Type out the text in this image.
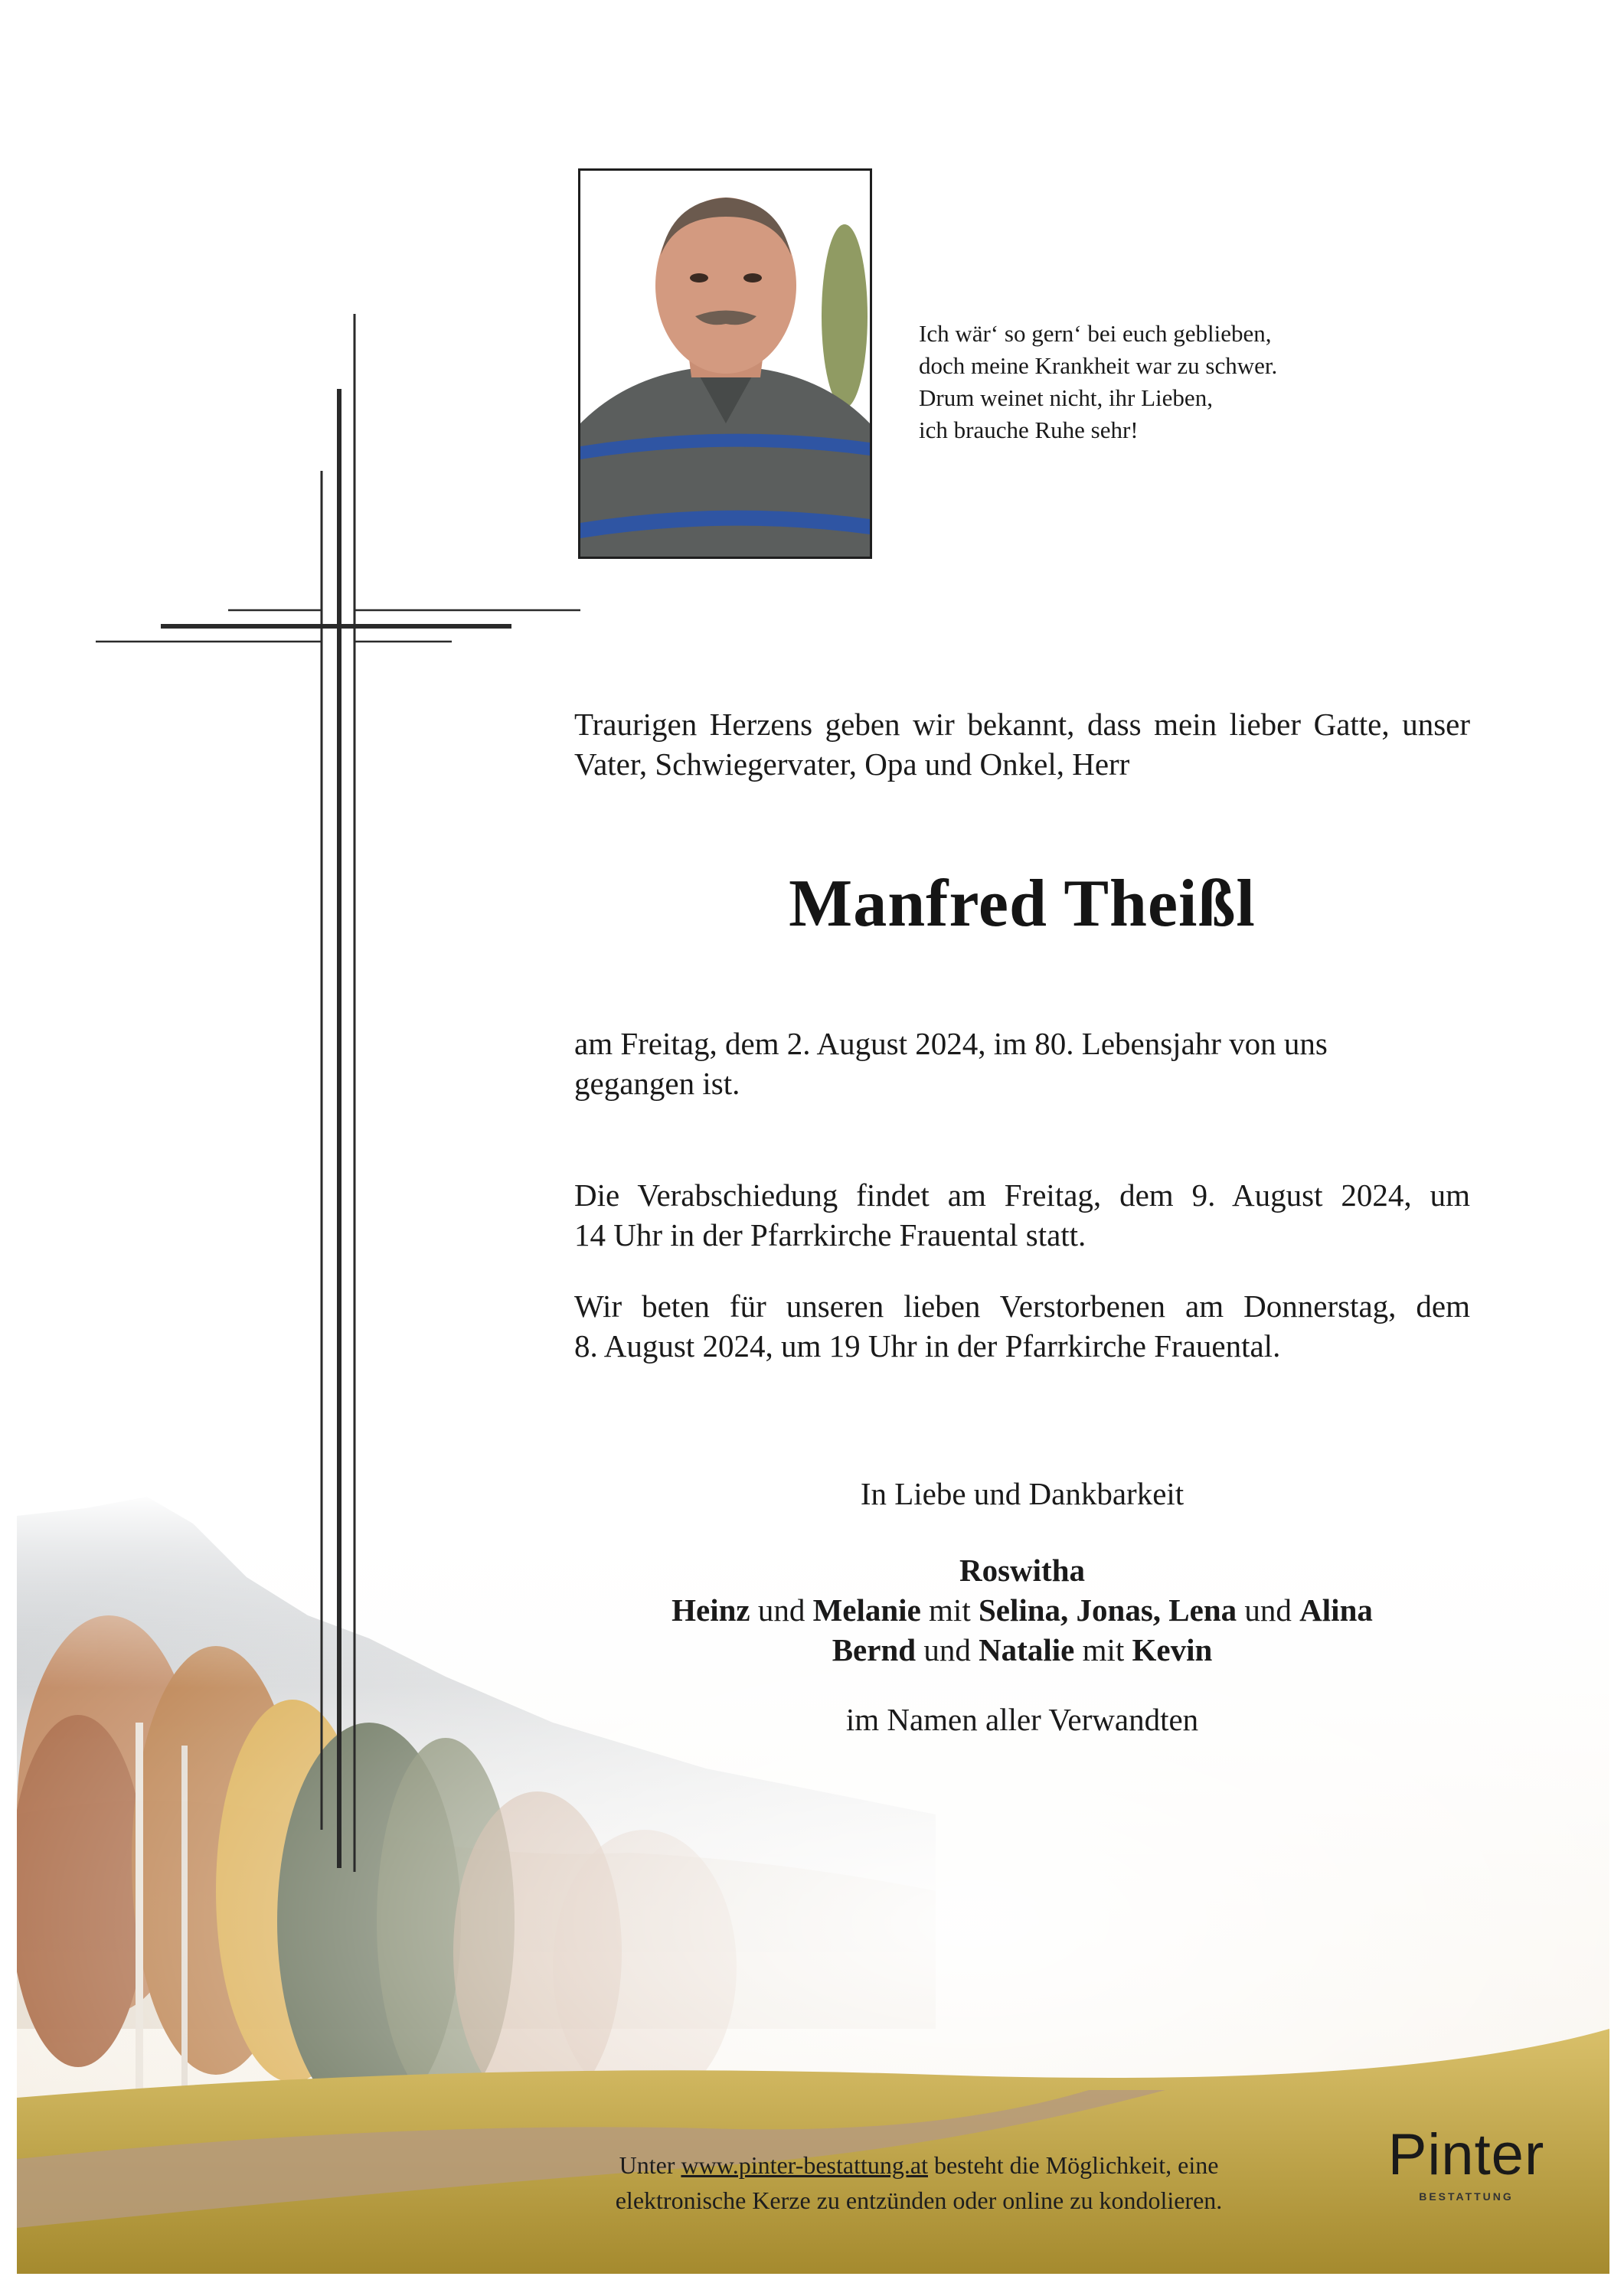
Ich wär‘ so gern‘ bei euch geblieben,
doch meine Krankheit war zu schwer.
Drum weinet nicht, ihr Lieben,
ich brauche Ruhe sehr!
Traurigen Herzens geben wir bekannt, dass mein lieber Gatte, unser
Vater, Schwiegervater, Opa und Onkel, Herr
Manfred Theißl
am Freitag, dem 2. August 2024, im 80. Lebensjahr von uns
gegangen ist.
Die Verabschiedung findet am Freitag, dem 9. August 2024, um
14 Uhr in der Pfarrkirche Frauental statt.
Wir beten für unseren lieben Verstorbenen am Donnerstag, dem
8. August 2024, um 19 Uhr in der Pfarrkirche Frauental.
In Liebe und Dankbarkeit
Roswitha
Heinz und Melanie mit Selina, Jonas, Lena und Alina
Bernd und Natalie mit Kevin
im Namen aller Verwandten
Unter www.pinter-bestattung.at besteht die Möglichkeit, eine
elektronische Kerze zu entzünden oder online zu kondolieren.
Pinter
BESTATTUNG
